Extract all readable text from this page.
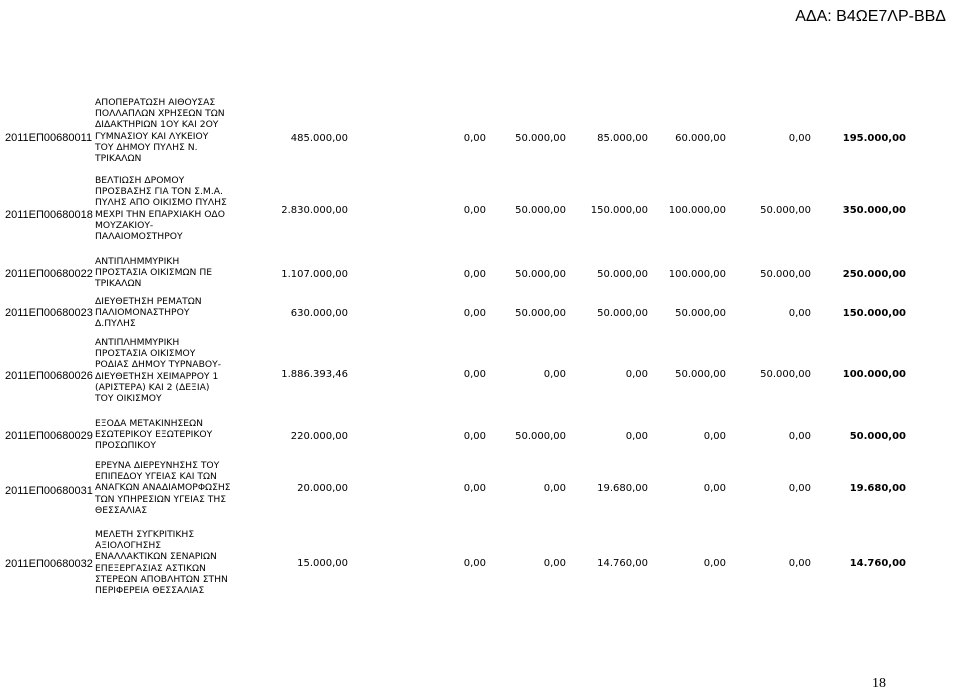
ΑΔΑ: Β4ΩΕ7ΛΡ-ΒΒΔ
2011ΕΠ00680011
ΑΠΟΠΕΡΑΤΩΣΗ ΑΙΘΟΥΣΑΣ
ΠΟΛΛΑΠΛΩΝ ΧΡΗΣΕΩΝ ΤΩΝ
ΔΙΔΑΚΤΗΡΙΩΝ 1ΟΥ ΚΑΙ 2ΟΥ
ΓΥΜΝΑΣΙΟΥ ΚΑΙ ΛΥΚΕΙΟΥ
ΤΟΥ ΔΗΜΟΥ ΠΥΛΗΣ Ν.
ΤΡΙΚΑΛΩΝ
485.000,00	0,00	50.000,00	85.000,00	60.000,00	0,00	195.000,00
2011ΕΠ00680018
ΒΕΛΤΙΩΣΗ ΔΡΟΜΟΥ
ΠΡΟΣΒΑΣΗΣ ΓΙΑ ΤΟΝ Σ.Μ.Α.
ΠΥΛΗΣ ΑΠΟ ΟΙΚΙΣΜΟ ΠΥΛΗΣ
ΜΕΧΡΙ ΤΗΝ ΕΠΑΡΧΙΑΚΗ ΟΔΟ
ΜΟΥΖΑΚΙΟΥ-
ΠΑΛΑΙΟΜΟΣΤΗΡΟΥ
2.830.000,00	0,00	50.000,00	150.000,00	100.000,00	50.000,00	350.000,00
2011ΕΠ00680022
ΑΝΤΙΠΛΗΜΜΥΡΙΚΗ
ΠΡΟΣΤΑΣΙΑ ΟΙΚΙΣΜΩΝ ΠΕ
ΤΡΙΚΑΛΩΝ
1.107.000,00	0,00	50.000,00	50.000,00	100.000,00	50.000,00	250.000,00
2011ΕΠ00680023
ΔΙΕΥΘΕΤΗΣΗ ΡΕΜΑΤΩΝ
ΠΑΛΙΟΜΟΝΑΣΤΗΡΟΥ
Δ.ΠΥΛΗΣ
630.000,00	0,00	50.000,00	50.000,00	50.000,00	0,00	150.000,00
2011ΕΠ00680026
ΑΝΤΙΠΛΗΜΜΥΡΙΚΗ
ΠΡΟΣΤΑΣΙΑ ΟΙΚΙΣΜΟΥ
ΡΟΔΙΑΣ ΔΗΜΟΥ ΤΥΡΝΑΒΟΥ-
ΔΙΕΥΘΕΤΗΣΗ ΧΕΙΜΑΡΡΟΥ 1
(ΑΡΙΣΤΕΡΑ) ΚΑΙ 2 (ΔΕΞΙΑ)
ΤΟΥ ΟΙΚΙΣΜΟΥ
1.886.393,46	0,00	0,00	0,00	50.000,00	50.000,00	100.000,00
2011ΕΠ00680029
ΕΞΟΔΑ ΜΕΤΑΚΙΝΗΣΕΩΝ
ΕΣΩΤΕΡΙΚΟΥ ΕΞΩΤΕΡΙΚΟΥ
ΠΡΟΣΩΠΙΚΟΥ
220.000,00	0,00	50.000,00	0,00	0,00	0,00	50.000,00
2011ΕΠ00680031
ΕΡΕΥΝΑ ΔΙΕΡΕΥΝΗΣΗΣ ΤΟΥ
ΕΠΙΠΕΔΟΥ ΥΓΕΙΑΣ ΚΑΙ ΤΩΝ
ΑΝΑΓΚΩΝ ΑΝΑΔΙΑΜΟΡΦΩΣΗΣ
ΤΩΝ ΥΠΗΡΕΣΙΩΝ ΥΓΕΙΑΣ ΤΗΣ
ΘΕΣΣΑΛΙΑΣ
20.000,00	0,00	0,00	19.680,00	0,00	0,00	19.680,00
2011ΕΠ00680032
ΜΕΛΕΤΗ ΣΥΓΚΡΙΤΙΚΗΣ
ΑΞΙΟΛΟΓΗΣΗΣ
ΕΝΑΛΛΑΚΤΙΚΩΝ ΣΕΝΑΡΙΩΝ
ΕΠΕΞΕΡΓΑΣΙΑΣ ΑΣΤΙΚΩΝ
ΣΤΕΡΕΩΝ ΑΠΟΒΛΗΤΩΝ ΣΤΗΝ
ΠΕΡΙΦΕΡΕΙΑ ΘΕΣΣΑΛΙΑΣ
15.000,00	0,00	0,00	14.760,00	0,00	0,00	14.760,00
18
